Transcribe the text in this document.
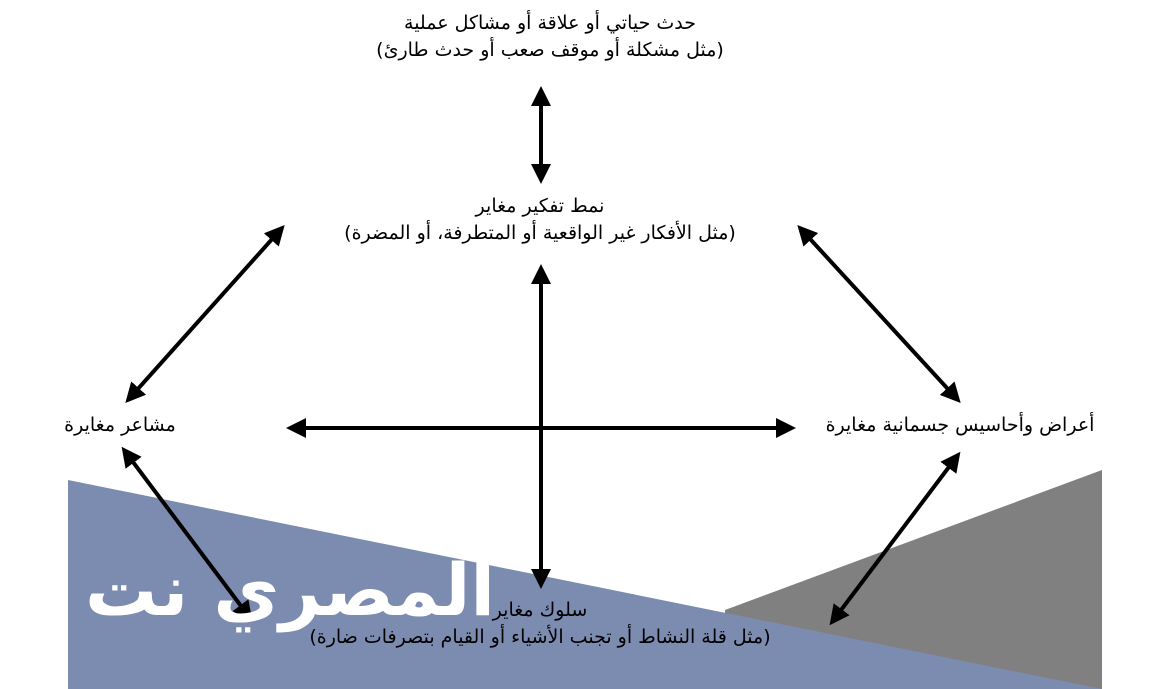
المصري نت
حدث حياتي أو علاقة أو مشاكل عملية
(مثل مشكلة أو موقف صعب أو حدث طارئ)
نمط تفكير مغاير
(مثل الأفكار غير الواقعية أو المتطرفة، أو المضرة)
مشاعر مغايرة	أعراض وأحاسيس جسمانية مغايرة
سلوك مغاير
(مثل قلة النشاط أو تجنب الأشياء أو القيام بتصرفات ضارة)
